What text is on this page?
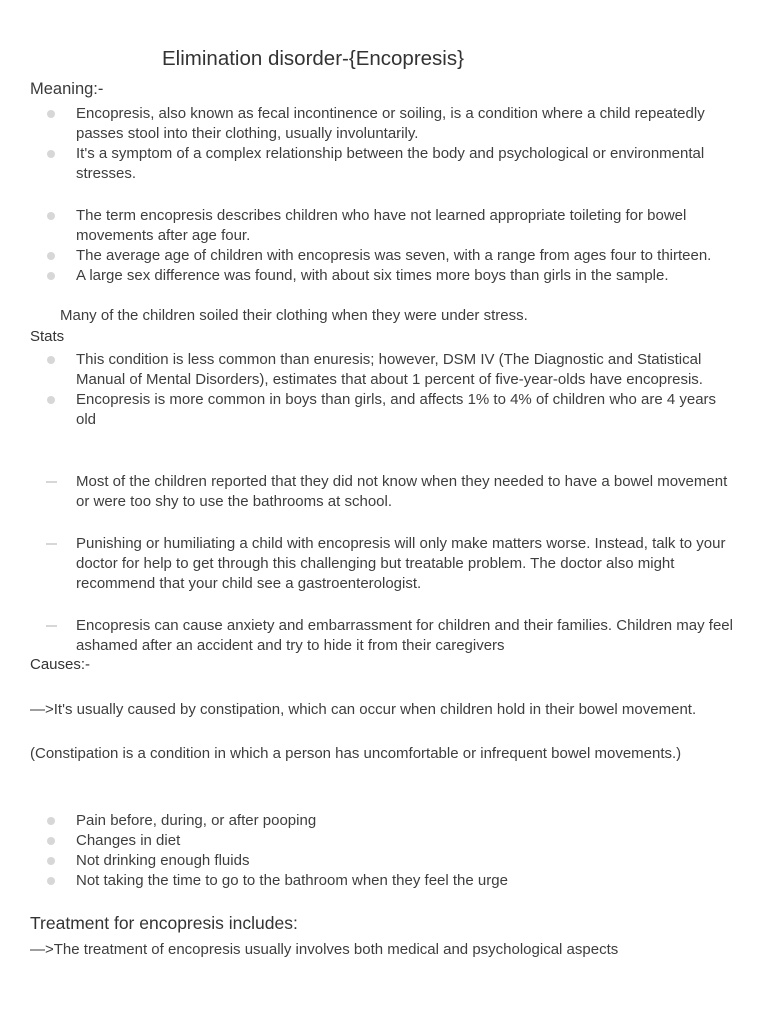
Elimination disorder-{Encopresis}
Meaning:-
Encopresis, also known as fecal incontinence or soiling, is a condition where a child repeatedly passes stool into their clothing, usually involuntarily.
It's a symptom of a complex relationship between the body and psychological or environmental stresses.
The term encopresis describes children who have not learned appropriate toileting for bowel movements after age four.
The average age of children with encopresis was seven, with a range from ages four to thirteen.
A large sex difference was found, with about six times more boys than girls in the sample.
Many of the children soiled their clothing when they were under stress.
Stats
This condition is less common than enuresis; however, DSM IV (The Diagnostic and Statistical Manual of Mental Disorders), estimates that about 1 percent of five-year-olds have encopresis.
Encopresis is more common in boys than girls, and affects 1% to 4% of children who are 4 years old
Most of the children reported that they did not know when they needed to have a bowel movement or were too shy to use the bathrooms at school.
Punishing or humiliating a child with encopresis will only make matters worse. Instead, talk to your doctor for help to get through this challenging but treatable problem. The doctor also might recommend that your child see a gastroenterologist.
Encopresis can cause anxiety and embarrassment for children and their families. Children may feel ashamed after an accident and try to hide it from their caregivers
Causes:-
—>It's usually caused by constipation, which can occur when children hold in their bowel movement.
(Constipation is a condition in which a person has uncomfortable or infrequent bowel movements.)
Pain before, during, or after pooping
Changes in diet
Not drinking enough fluids
Not taking the time to go to the bathroom when they feel the urge
Treatment for encopresis includes:
—>The treatment of encopresis usually involves both medical and psychological aspects
